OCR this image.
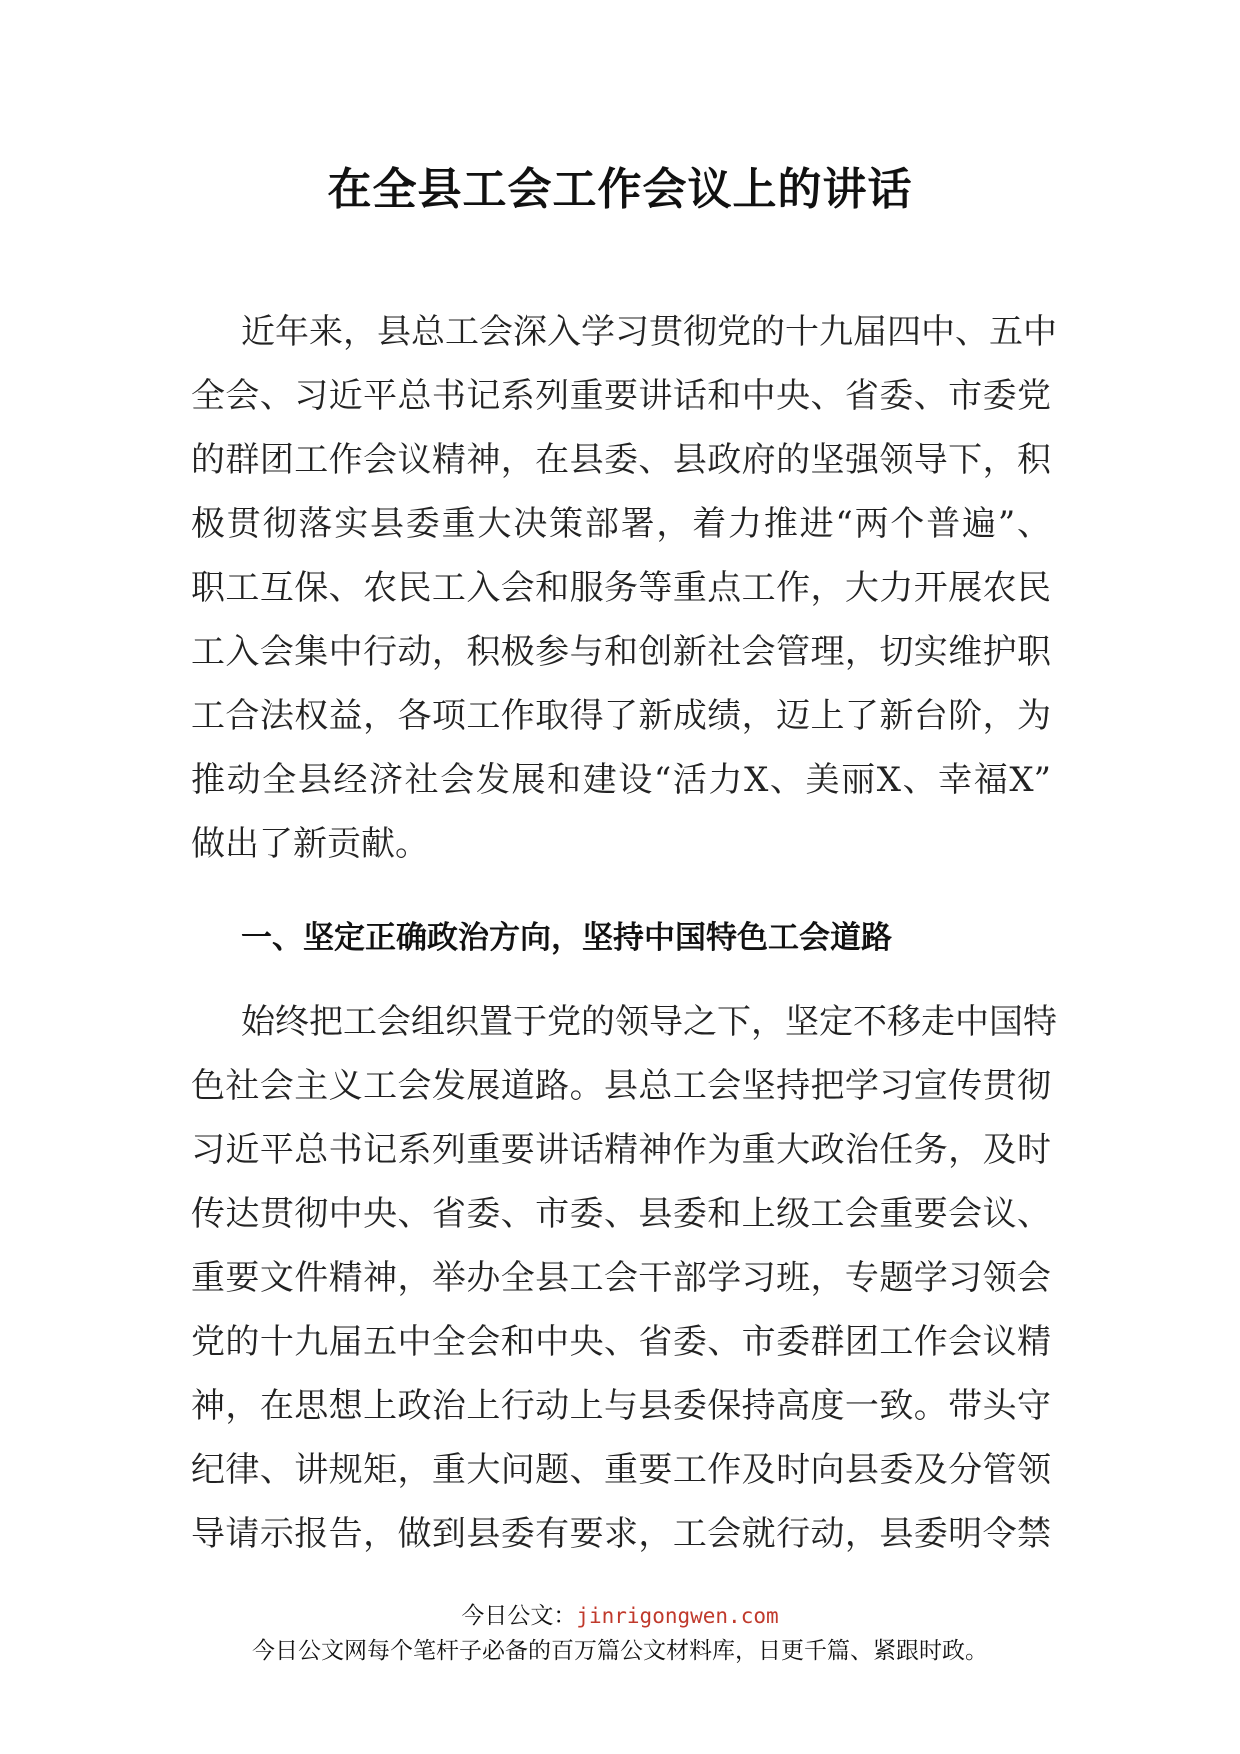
在全县工会工作会议上的讲话
近年来，县总工会深入学习贯彻党的十九届四中、五中
全会、习近平总书记系列重要讲话和中央、省委、市委党
的群团工作会议精神，在县委、县政府的坚强领导下，积
极贯彻落实县委重大决策部署，着力推进“两个普遍”、
职工互保、农民工入会和服务等重点工作，大力开展农民
工入会集中行动，积极参与和创新社会管理，切实维护职
工合法权益，各项工作取得了新成绩，迈上了新台阶，为
推动全县经济社会发展和建设“活力X、美丽X、幸福X”
做出了新贡献。
一、坚定正确政治方向，坚持中国特色工会道路
始终把工会组织置于党的领导之下，坚定不移走中国特
色社会主义工会发展道路。县总工会坚持把学习宣传贯彻
习近平总书记系列重要讲话精神作为重大政治任务，及时
传达贯彻中央、省委、市委、县委和上级工会重要会议、
重要文件精神，举办全县工会干部学习班，专题学习领会
党的十九届五中全会和中央、省委、市委群团工作会议精
神，在思想上政治上行动上与县委保持高度一致。带头守
纪律、讲规矩，重大问题、重要工作及时向县委及分管领
导请示报告，做到县委有要求，工会就行动，县委明令禁
今日公文：jinrigongwen.com
今日公文网每个笔杆子必备的百万篇公文材料库，日更千篇、紧跟时政。
